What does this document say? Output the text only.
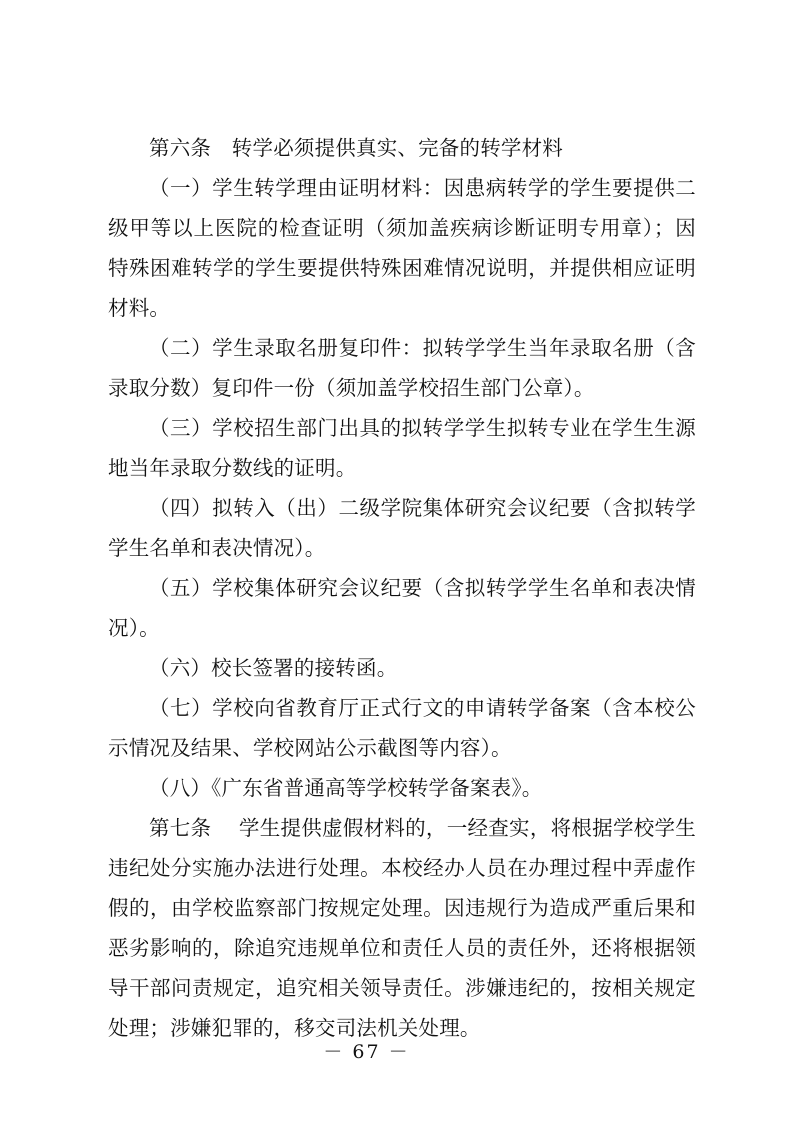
第六条　转学必须提供真实、完备的转学材料

（一）学生转学理由证明材料：因患病转学的学生要提供二级甲等以上医院的检查证明（须加盖疾病诊断证明专用章）；因特殊困难转学的学生要提供特殊困难情况说明，并提供相应证明材料。

（二）学生录取名册复印件：拟转学学生当年录取名册（含录取分数）复印件一份（须加盖学校招生部门公章）。

（三）学校招生部门出具的拟转学学生拟转专业在学生生源地当年录取分数线的证明。

（四）拟转入（出）二级学院集体研究会议纪要（含拟转学学生名单和表决情况）。

（五）学校集体研究会议纪要（含拟转学学生名单和表决情况）。

（六）校长签署的接转函。

（七）学校向省教育厅正式行文的申请转学备案（含本校公示情况及结果、学校网站公示截图等内容）。

（八）《广东省普通高等学校转学备案表》。

第七条　 学生提供虚假材料的，一经查实，将根据学校学生违纪处分实施办法进行处理。本校经办人员在办理过程中弄虚作假的，由学校监察部门按规定处理。因违规行为造成严重后果和恶劣影响的，除追究违规单位和责任人员的责任外，还将根据领导干部问责规定，追究相关领导责任。涉嫌违纪的，按相关规定处理；涉嫌犯罪的，移交司法机关处理。

－ 67 －
